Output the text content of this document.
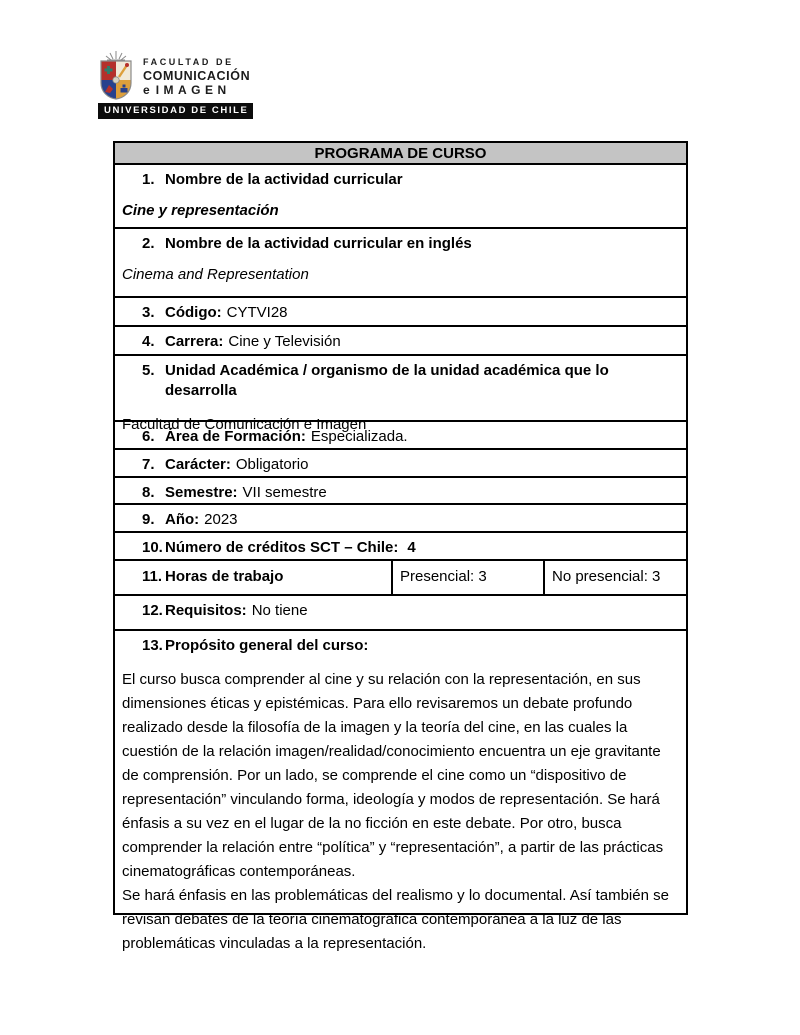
FACULTAD DE
COMUNICACIÓN
e IMAGEN
UNIVERSIDAD DE CHILE
PROGRAMA DE CURSO
1. Nombre de la actividad curricular
Cine y representación
2. Nombre de la actividad curricular en inglés
Cinema and Representation
3. Código: CYTVI28
4. Carrera: Cine y Televisión
5. Unidad Académica / organismo de la unidad académica que lo desarrolla
Facultad de Comunicación e Imagen
6. Área de Formación: Especializada.
7. Carácter: Obligatorio
8. Semestre: VII semestre
9. Año: 2023
10. Número de créditos SCT – Chile: 4
11. Horas de trabajo	Presencial: 3	No presencial: 3
12. Requisitos: No tiene
13. Propósito general del curso:
El curso busca comprender al cine y su relación con la representación, en sus dimensiones éticas y epistémicas. Para ello revisaremos un debate profundo realizado desde la filosofía de la imagen y la teoría del cine, en las cuales la cuestión de la relación imagen/realidad/conocimiento encuentra un eje gravitante de comprensión. Por un lado, se comprende el cine como un “dispositivo de representación” vinculando forma, ideología y modos de representación. Se hará énfasis a su vez en el lugar de la no ficción en este debate. Por otro, busca comprender la relación entre “política” y “representación”, a partir de las prácticas cinematográficas contemporáneas.
Se hará énfasis en las problemáticas del realismo y lo documental. Así también se revisan debates de la teoría cinematográfica contemporánea a la luz de las problemáticas vinculadas a la representación.
